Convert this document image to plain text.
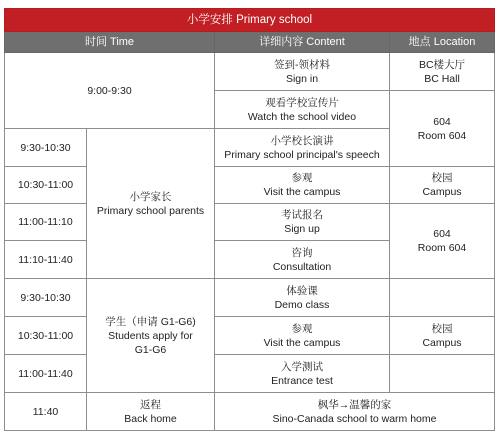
小学安排 Primary school			
时间 Time		详细内容 Content	地点 Location
9:00-9:30		签到-领材料
Sign in	BC楼大厅
BC Hall

		观看学校宣传片
Watch the school video	604
Room 604

9:30-10:30	小学家长
Primary school parents	小学校长演讲
Primary school principal's speech	

10:30-11:00		参观
Visit the campus	校园
Campus

11:00-11:10		考试报名
Sign up	604
Room 604

11:10-11:40		咨询
Consultation	

9:30-10:30	学生（申请 G1-G6)
Students apply for
G1-G6	体验课
Demo class	

10:30-11:00		参观
Visit the campus	校园
Campus

11:00-11:40		入学测试
Entrance test	

11:40	返程
Back home	枫华→温馨的家
Sino-Canada school to warm home	
